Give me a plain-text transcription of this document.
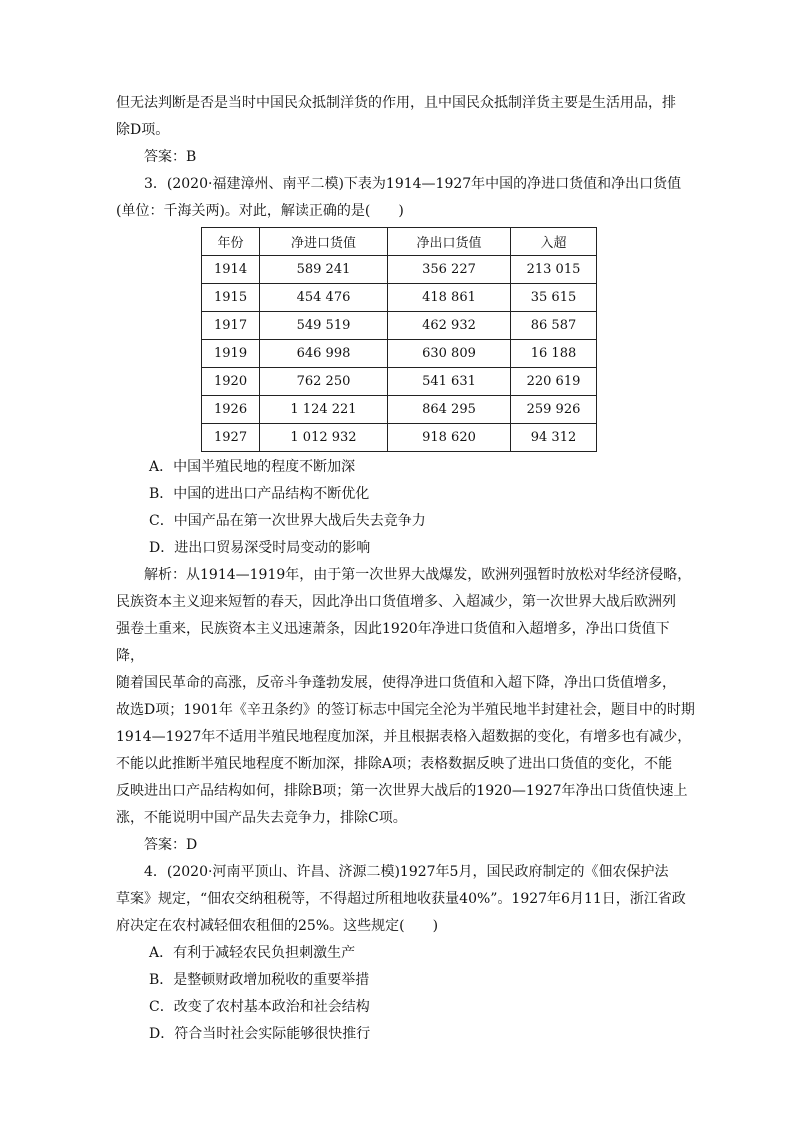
但无法判断是否是当时中国民众抵制洋货的作用，且中国民众抵制洋货主要是生活用品，排

除D项。

答案：B

3．(2020·福建漳州、南平二模)下表为1914—1927年中国的净进口货值和净出口货值

(单位：千海关两)。对此，解读正确的是(　　)

年份	净进口货值	净出口货值	入超
1914	589 241	356 227	213 015
1915	454 476	418 861	35 615
1917	549 519	462 932	86 587
1919	646 998	630 809	16 188
1920	762 250	541 631	220 619
1926	1 124 221	864 295	259 926
1927	1 012 932	918 620	94 312

A．中国半殖民地的程度不断加深

B．中国的进出口产品结构不断优化

C．中国产品在第一次世界大战后失去竞争力

D．进出口贸易深受时局变动的影响

解析：从1914—1919年，由于第一次世界大战爆发，欧洲列强暂时放松对华经济侵略，

民族资本主义迎来短暂的春天，因此净出口货值增多、入超减少，第一次世界大战后欧洲列

强卷土重来，民族资本主义迅速萧条，因此1920年净进口货值和入超增多，净出口货值下降，

随着国民革命的高涨，反帝斗争蓬勃发展，使得净进口货值和入超下降，净出口货值增多，

故选D项；1901年《辛丑条约》的签订标志中国完全沦为半殖民地半封建社会，题目中的时期

1914—1927年不适用半殖民地程度加深，并且根据表格入超数据的变化，有增多也有减少，

不能以此推断半殖民地程度不断加深，排除A项；表格数据反映了进出口货值的变化，不能

反映进出口产品结构如何，排除B项；第一次世界大战后的1920—1927年净出口货值快速上

涨，不能说明中国产品失去竞争力，排除C项。

答案：D

4．(2020·河南平顶山、许昌、济源二模)1927年5月，国民政府制定的《佃农保护法

草案》规定，“佃农交纳租税等，不得超过所租地收获量40%”。1927年6月11日，浙江省政

府决定在农村减轻佃农租佃的25%。这些规定(　　)

A．有利于减轻农民负担刺激生产

B．是整顿财政增加税收的重要举措

C．改变了农村基本政治和社会结构

D．符合当时社会实际能够很快推行
